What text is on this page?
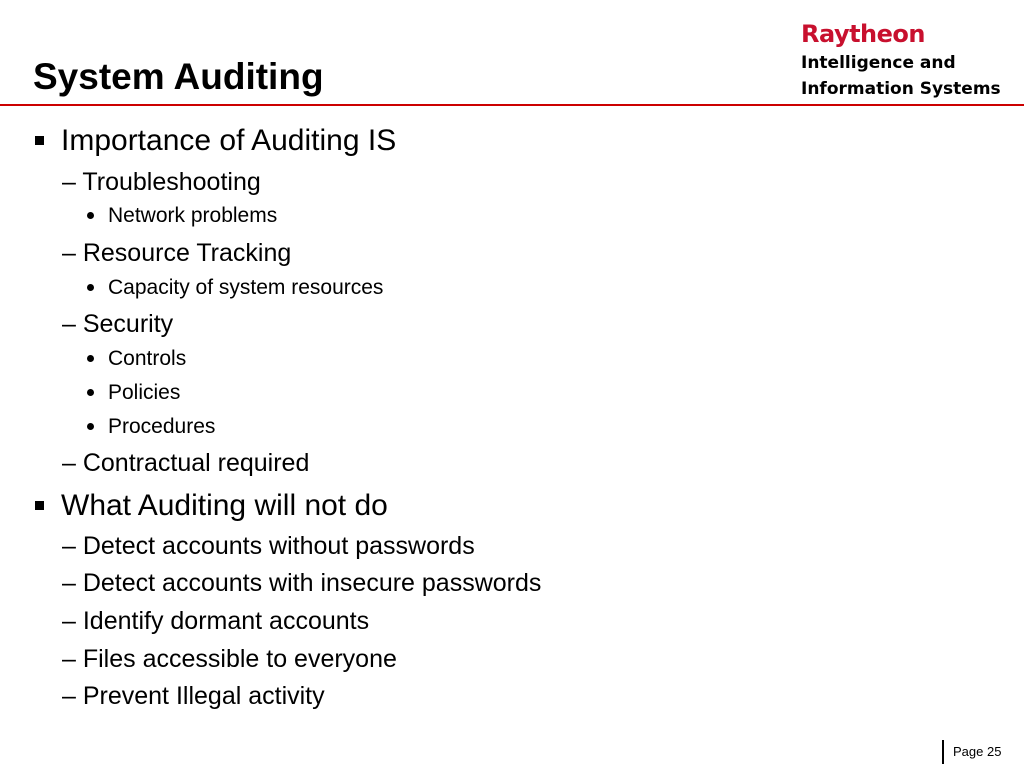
System Auditing
Raytheon
Intelligence and
Information Systems
Importance of Auditing IS
– Troubleshooting
Network problems
– Resource Tracking
Capacity of system resources
– Security
Controls
Policies
Procedures
– Contractual required
What Auditing will not do
– Detect accounts without passwords
– Detect accounts with insecure passwords
– Identify dormant accounts
– Files accessible to everyone
– Prevent Illegal activity
Page 25
